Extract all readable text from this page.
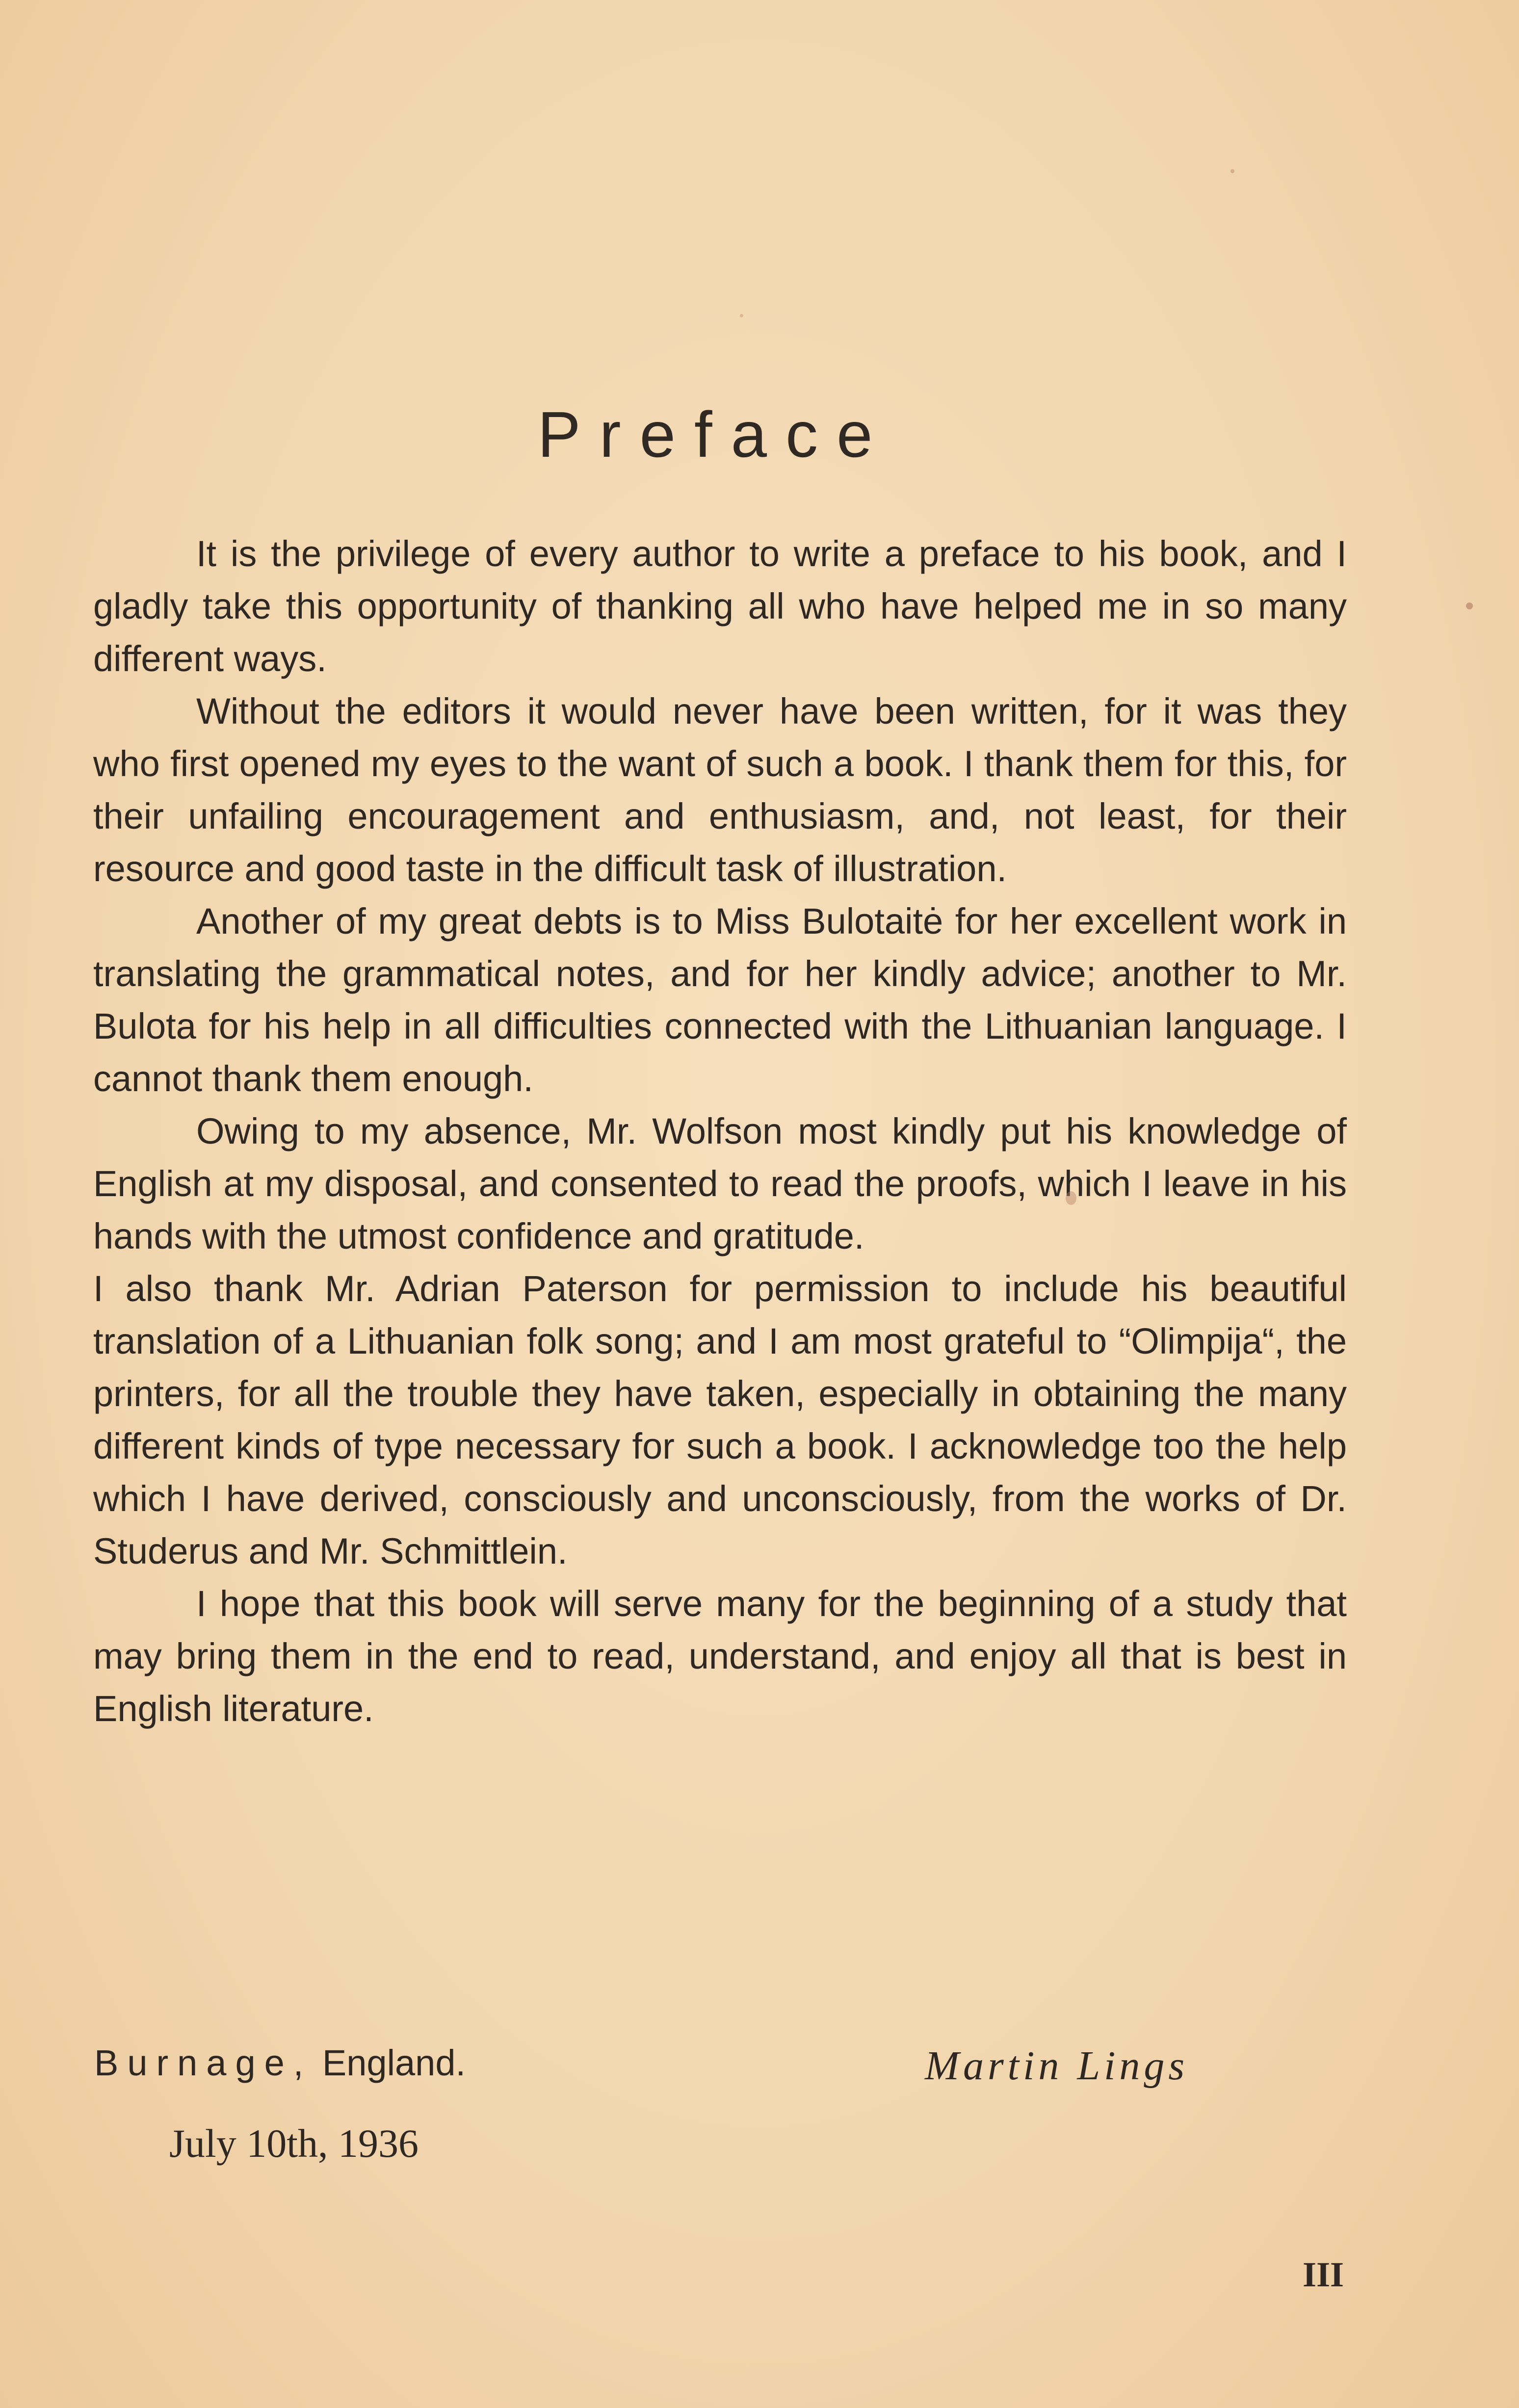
Preface

It is the privilege of every author to write a preface to his book, and I gladly take this opportunity of thanking all who have helped me in so many different ways.

Without the editors it would never have been written, for it was they who first opened my eyes to the want of such a book. I thank them for this, for their unfailing encouragement and enthusiasm, and, not least, for their resource and good taste in the difficult task of illustration.

Another of my great debts is to Miss Bulotaitė for her excellent work in translating the grammatical notes, and for her kindly advice; another to Mr. Bulota for his help in all difficulties connected with the Lithuanian language. I cannot thank them enough.

Owing to my absence, Mr. Wolfson most kindly put his knowledge of English at my disposal, and consented to read the proofs, which I leave in his hands with the utmost confidence and gratitude.

I also thank Mr. Adrian Paterson for permission to include his beautiful translation of a Lithuanian folk song; and I am most grateful to “Olimpija“, the printers, for all the trouble they have taken, especially in obtaining the many different kinds of type necessary for such a book. I acknowledge too the help which I have derived, consciously and unconsciously, from the works of Dr. Studerus and Mr. Schmittlein.

I hope that this book will serve many for the beginning of a study that may bring them in the end to read, understand, and enjoy all that is best in English literature.

Burnage, England.
July 10th, 1936
Martin Lings
III
